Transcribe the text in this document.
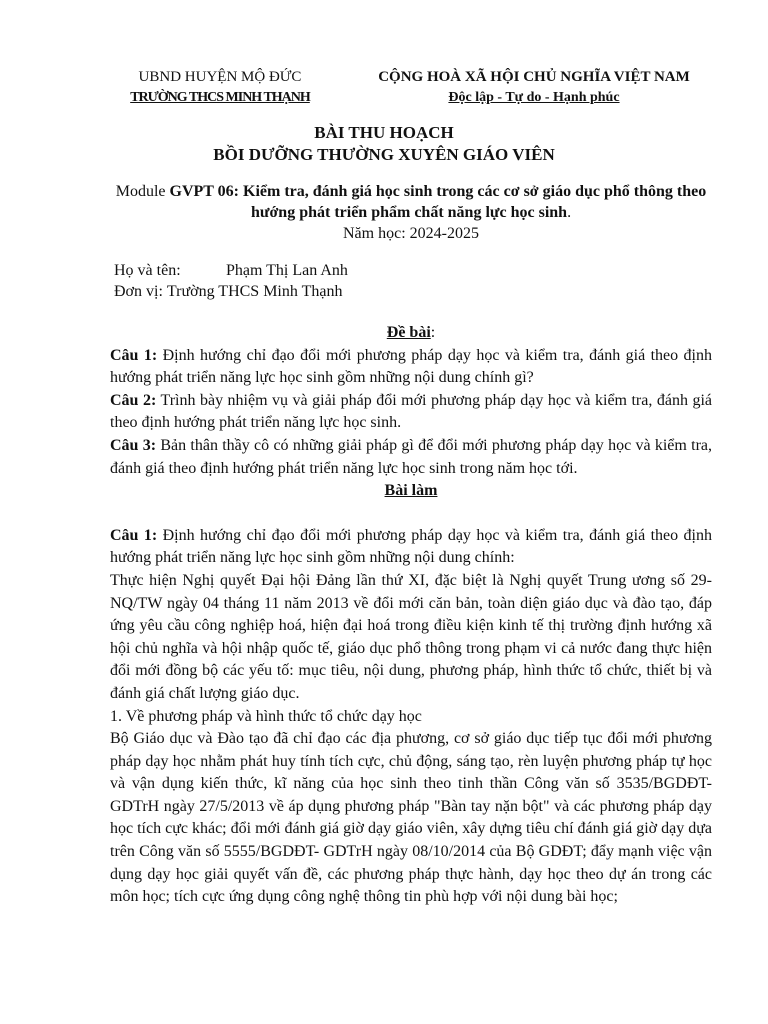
UBND HUYỆN MỘ ĐỨC
TRƯỜNG THCS MINH THẠNH
CỘNG HOÀ XÃ HỘI CHỦ NGHĨA VIỆT NAM
Độc lập - Tự do - Hạnh phúc
BÀI THU HOẠCH
BỒI DƯỠNG THƯỜNG XUYÊN GIÁO VIÊN
Module GVPT 06: Kiểm tra, đánh giá học sinh trong các cơ sở giáo dục phổ thông theo hướng phát triển phẩm chất năng lực học sinh.
Năm học: 2024-2025
Họ và tên:	Phạm Thị Lan Anh
Đơn vị:
Trường THCS Minh Thạnh

Đề bài:

Câu 1: Định hướng chỉ đạo đổi mới phương pháp dạy học và kiểm tra, đánh giá theo định hướng phát triển năng lực học sinh gồm những nội dung chính gì?

Câu 2: Trình bày nhiệm vụ và giải pháp đổi mới phương pháp dạy học và kiểm tra, đánh giá theo định hướng phát triển năng lực học sinh.

Câu 3: Bản thân thầy cô có những giải pháp gì để đổi mới phương pháp dạy học và kiểm tra, đánh giá theo định hướng phát triển năng lực học sinh trong năm học tới.

Bài làm

Câu 1: Định hướng chỉ đạo đổi mới phương pháp dạy học và kiểm tra, đánh giá theo định hướng phát triển năng lực học sinh gồm những nội dung chính:

Thực hiện Nghị quyết Đại hội Đảng lần thứ XI, đặc biệt là Nghị quyết Trung ương số 29-NQ/TW ngày 04 tháng 11 năm 2013 về đổi mới căn bản, toàn diện giáo dục và đào tạo, đáp ứng yêu cầu công nghiệp hoá, hiện đại hoá trong điều kiện kinh tế thị trường định hướng xã hội chủ nghĩa và hội nhập quốc tế, giáo dục phổ thông trong phạm vi cả nước đang thực hiện đổi mới đồng bộ các yếu tố: mục tiêu, nội dung, phương pháp, hình thức tổ chức, thiết bị và đánh giá chất lượng giáo dục.

1. Về phương pháp và hình thức tổ chức dạy học

Bộ Giáo dục và Đào tạo đã chỉ đạo các địa phương, cơ sở giáo dục tiếp tục đổi mới phương pháp dạy học nhằm phát huy tính tích cực, chủ động, sáng tạo, rèn luyện phương pháp tự học và vận dụng kiến thức, kĩ năng của học sinh theo tinh thần Công văn số 3535/BGDĐT- GDTrH ngày 27/5/2013 về áp dụng phương pháp "Bàn tay nặn bột" và các phương pháp dạy học tích cực khác; đổi mới đánh giá giờ dạy giáo viên, xây dựng tiêu chí đánh giá giờ dạy dựa trên Công văn số 5555/BGDĐT- GDTrH ngày 08/10/2014 của Bộ GDĐT; đẩy mạnh việc vận dụng dạy học giải quyết vấn đề, các phương pháp thực hành, dạy học theo dự án trong các môn học; tích cực ứng dụng công nghệ thông tin phù hợp với nội dung bài học;
